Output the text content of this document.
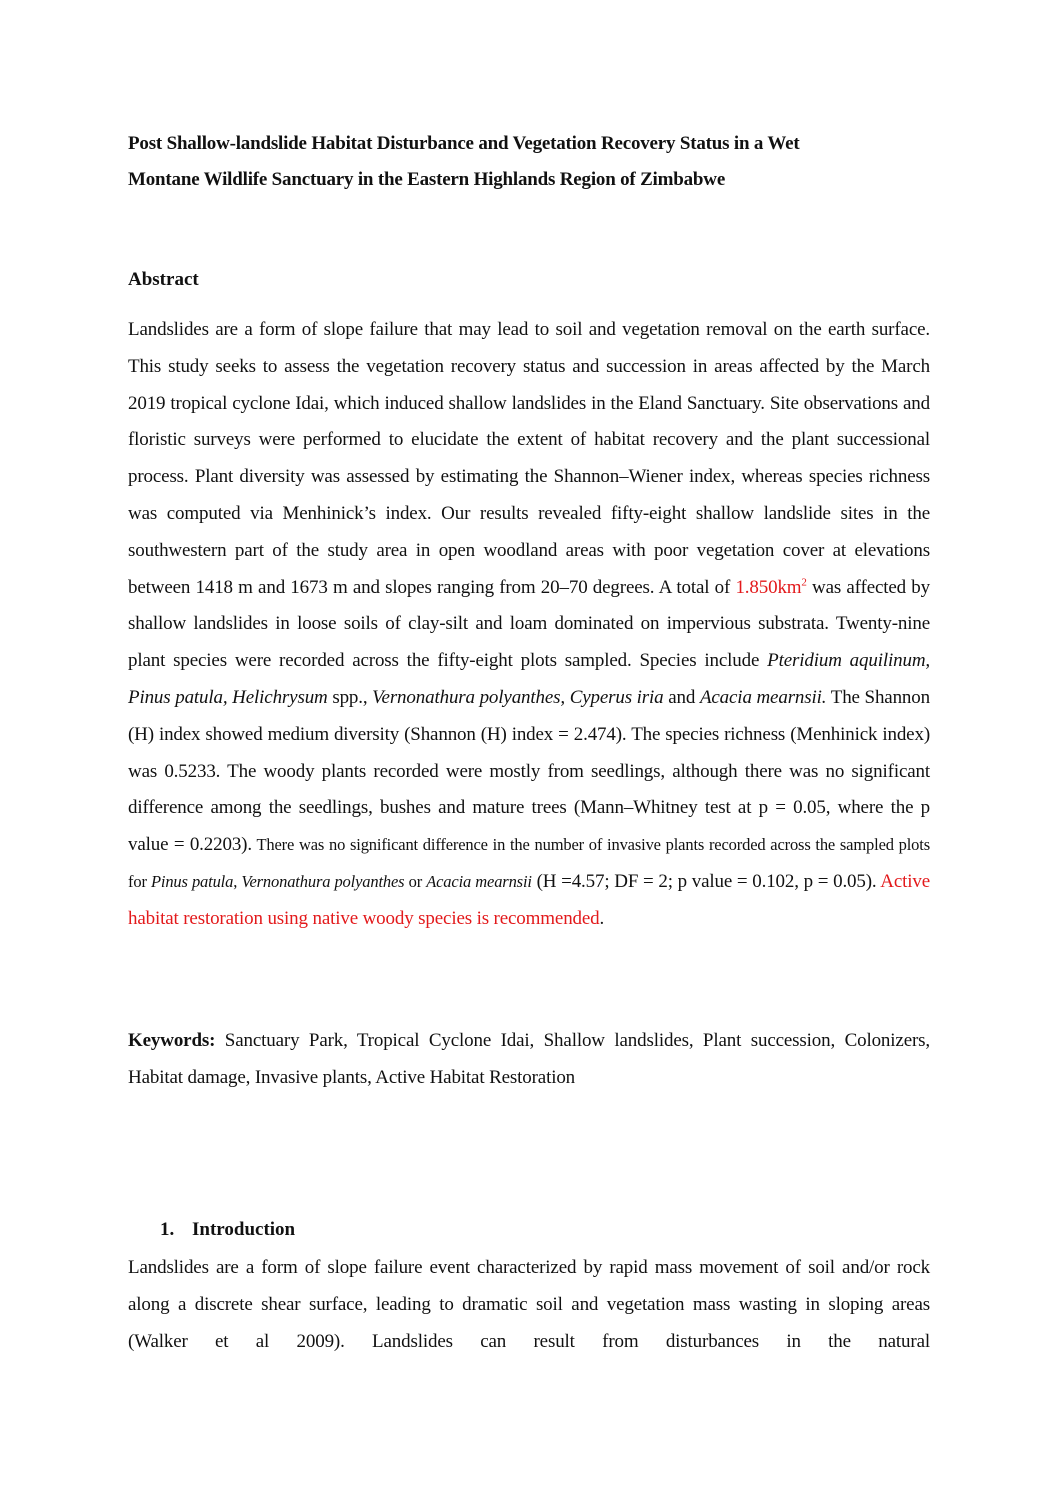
Post Shallow-landslide Habitat Disturbance and Vegetation Recovery Status in a Wet
Montane Wildlife Sanctuary in the Eastern Highlands Region of Zimbabwe
Abstract
Landslides are a form of slope failure that may lead to soil and vegetation removal on the earth surface. This study seeks to assess the vegetation recovery status and succession in areas affected by the March 2019 tropical cyclone Idai, which induced shallow landslides in the Eland Sanctuary. Site observations and floristic surveys were performed to elucidate the extent of habitat recovery and the plant successional process. Plant diversity was assessed by estimating the Shannon–Wiener index, whereas species richness was computed via Menhinick’s index. Our results revealed fifty-eight shallow landslide sites in the southwestern part of the study area in open woodland areas with poor vegetation cover at elevations between 1418 m and 1673 m and slopes ranging from 20–70 degrees. A total of $1.850km^2$ was affected by shallow landslides in loose soils of clay-silt and loam dominated on impervious substrata. Twenty-nine plant species were recorded across the fifty-eight plots sampled. Species include Pteridium aquilinum, Pinus patula, Helichrysum spp., Vernonathura polyanthes, Cyperus iria and Acacia mearnsii. The Shannon (H) index showed medium diversity (Shannon (H) index = 2.474). The species richness (Menhinick index) was 0.5233. The woody plants recorded were mostly from seedlings, although there was no significant difference among the seedlings, bushes and mature trees (Mann–Whitney test at p = 0.05, where the p value = 0.2203). There was no significant difference in the number of invasive plants recorded across the sampled plots for Pinus patula, Vernonathura polyanthes or Acacia mearnsii (H =4.57; DF = 2; p value = 0.102, p = 0.05). Active habitat restoration using native woody species is recommended.
Keywords: Sanctuary Park, Tropical Cyclone Idai, Shallow landslides, Plant succession, Colonizers, Habitat damage, Invasive plants, Active Habitat Restoration
1. Introduction
Landslides are a form of slope failure event characterized by rapid mass movement of soil and/or rock along a discrete shear surface, leading to dramatic soil and vegetation mass wasting in sloping areas (Walker et al 2009). Landslides can result from disturbances in the natural
